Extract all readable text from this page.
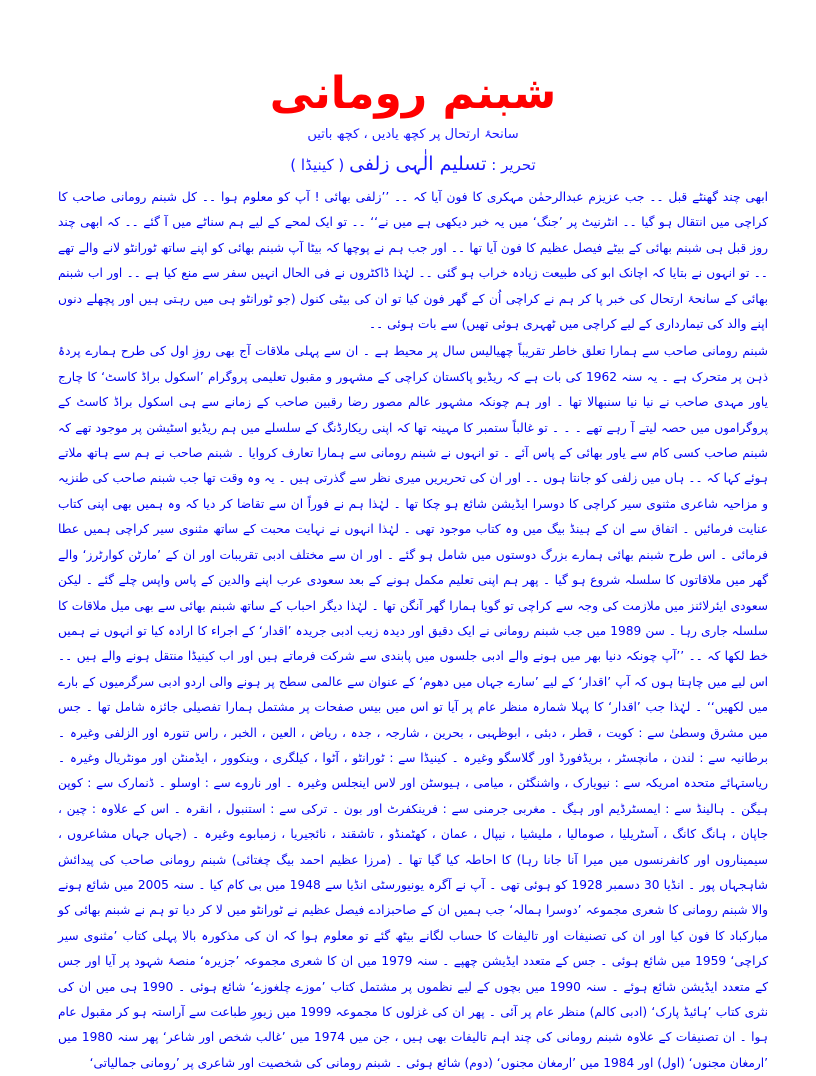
شبنم رومانی
سانحۂ ارتحال پر کچھ یادیں ، کچھ باتیں
تحریر : تسلیم الٰہی زلفی ( کینیڈا )

ابھی چند گھنٹے قبل ۔۔ جب عزیزم عبدالرحمٰن مہکری کا فون آیا کہ ۔۔ ’’زلفی بھائی ! آپ کو معلوم ہوا ۔۔ کل شبنم رومانی صاحب کا کراچی میں انتقال ہو گیا ۔۔ انٹرنیٹ پر ’جنگ‘ میں یہ خبر دیکھی ہے میں نے‘‘ ۔۔ تو ایک لمحے کے لیے ہم سناٹے میں آ گئے ۔۔ کہ ابھی چند روز قبل ہی شبنم بھائی کے بیٹے فیصل عظیم کا فون آیا تھا ۔۔ اور جب ہم نے پوچھا کہ بیٹا آپ شبنم بھائی کو اپنے ساتھ ٹورانٹو لانے والے تھے ۔۔ تو انہوں نے بتایا کہ اچانک ابو کی طبیعت زیادہ خراب ہو گئی ۔۔ لہٰذا ڈاکٹروں نے فی الحال انہیں سفر سے منع کیا ہے ۔۔ اور اب شبنم بھائی کے سانحۂ ارتحال کی خبر پا کر ہم نے کراچی اُن کے گھر فون کیا تو ان کی بیٹی کنول (جو ٹورانٹو ہی میں رہتی ہیں اور پچھلے دنوں اپنے والد کی تیمارداری کے لیے کراچی میں ٹھہری ہوئی تھیں) سے بات ہوئی ۔۔

شبنم رومانی صاحب سے ہمارا تعلق خاطر تقریباً چھیالیس سال پر محیط ہے ۔ ان سے پہلی ملاقات آج بھی روزِ اول کی طرح ہمارے پردۂ ذہن پر متحرک ہے ۔ یہ سنہ 1962 کی بات ہے کہ ریڈیو پاکستان کراچی کے مشہور و مقبول تعلیمی پروگرام ’اسکول براڈ کاسٹ‘ کا چارج یاور مہدی صاحب نے نیا نیا سنبھالا تھا ۔ اور ہم چونکہ مشہور عالم مصور رضا رقبین صاحب کے زمانے سے ہی اسکول براڈ کاسٹ کے پروگراموں میں حصہ لیتے آ رہے تھے ۔ ۔ ۔ تو غالباً ستمبر کا مہینہ تھا کہ اپنی ریکارڈنگ کے سلسلے میں ہم ریڈیو اسٹیشن پر موجود تھے کہ شبنم صاحب کسی کام سے یاور بھائی کے پاس آئے ۔ تو انہوں نے شبنم رومانی سے ہمارا تعارف کروایا ۔ شبنم صاحب نے ہم سے ہاتھ ملاتے ہوئے کہا کہ ۔۔ ہاں میں زلفی کو جانتا ہوں ۔۔ اور ان کی تحریریں میری نظر سے گذرتی ہیں ۔ یہ وہ وقت تھا جب شبنم صاحب کی طنزیہ و مزاحیہ شاعری مثنوی سیر کراچی کا دوسرا ایڈیشن شائع ہو چکا تھا ۔ لہٰذا ہم نے فوراً ان سے تقاضا کر دیا کہ وہ ہمیں بھی اپنی کتاب عنایت فرمائیں ۔ اتفاق سے ان کے ہینڈ بیگ میں وہ کتاب موجود تھی ۔ لہٰذا انہوں نے نہایت محبت کے ساتھ مثنوی سیر کراچی ہمیں عطا فرمائی ۔ اس طرح شبنم بھائی ہمارے بزرگ دوستوں میں شامل ہو گئے ۔ اور ان سے مختلف ادبی تقریبات اور ان کے ’مارٹن کوارٹرز‘ والے گھر میں ملاقاتوں کا سلسلہ شروع ہو گیا ۔ پھر ہم اپنی تعلیم مکمل ہونے کے بعد سعودی عرب اپنے والدین کے پاس واپس چلے گئے ۔ لیکن سعودی ایئرلائنز میں ملازمت کی وجہ سے کراچی تو گویا ہمارا گھر آنگن تھا ۔ لہٰذا دیگر احباب کے ساتھ شبنم بھائی سے بھی میل ملاقات کا سلسلہ جاری رہا ۔ سن 1989 میں جب شبنم رومانی نے ایک دقیق اور دیدہ زیب ادبی جریدہ ’اقدار‘ کے اجراء کا ارادہ کیا تو انہوں نے ہمیں خط لکھا کہ ۔۔ ’’آپ چونکہ دنیا بھر میں ہونے والے ادبی جلسوں میں پابندی سے شرکت فرماتے ہیں اور اب کینیڈا منتقل ہونے والے ہیں ۔۔ اس لیے میں چاہتا ہوں کہ آپ ’اقدار‘ کے لیے ’سارے جہاں میں دھوم‘ کے عنوان سے عالمی سطح پر ہونے والی اردو ادبی سرگرمیوں کے بارے میں لکھیں‘‘ ۔ لہٰذا جب ’اقدار‘ کا پہلا شمارہ منظر عام پر آیا تو اس میں بیس صفحات پر مشتمل ہمارا تفصیلی جائزہ شامل تھا ۔ جس میں مشرق وسطیٰ سے : کویت ، قطر ، دبئی ، ابوظہبی ، بحرین ، شارجہ ، جدہ ، ریاض ، العین ، الخبر ، راس تنورہ اور الزلفی وغیرہ ۔ برطانیہ سے : لندن ، مانچسٹر ، بریڈفورڈ اور گلاسگو وغیرہ ۔ کینیڈا سے : ٹورانٹو ، آٹوا ، کیلگری ، وینکوور ، ایڈمنٹن اور مونٹریال وغیرہ ۔ ریاستہائے متحدہ امریکہ سے : نیویارک ، واشنگٹن ، میامی ، ہیوسٹن اور لاس اینجلس وغیرہ ۔ اور ناروے سے : اوسلو ۔ ڈنمارک سے : کوپن ہیگن ۔ ہالینڈ سے : ایمسٹرڈیم اور ہیگ ۔ مغربی جرمنی سے : فرینکفرٹ اور بون ۔ ترکی سے : استنبول ، انقرہ ۔ اس کے علاوہ : چین ، جاپان ، ہانگ کانگ ، آسٹریلیا ، صومالیا ، ملیشیا ، نیپال ، عمان ، کھٹمنڈو ، تاشقند ، نائجیریا ، زمبابوے وغیرہ ۔ (جہاں جہاں مشاعروں ، سیمیناروں اور کانفرنسوں میں میرا آنا جانا رہا) کا احاطہ کیا گیا تھا ۔ (مرزا عظیم احمد بیگ چغتائی) شبنم رومانی صاحب کی پیدائش شاہجہاں پور ۔ انڈیا 30 دسمبر 1928 کو ہوئی تھی ۔ آپ نے آگرہ یونیورسٹی انڈیا سے 1948 میں بی کام کیا ۔ سنہ 2005 میں شائع ہونے والا شبنم رومانی کا شعری مجموعہ ’دوسرا ہمالہ‘ جب ہمیں ان کے صاحبزادے فیصل عظیم نے ٹورانٹو میں لا کر دیا تو ہم نے شبنم بھائی کو مبارکباد کا فون کیا اور ان کی تصنیفات اور تالیفات کا حساب لگانے بیٹھ گئے تو معلوم ہوا کہ ان کی مذکورہ بالا پہلی کتاب ’مثنوی سیر کراچی‘ 1959 میں شائع ہوئی ۔ جس کے متعدد ایڈیشن چھپے ۔ سنہ 1979 میں ان کا شعری مجموعہ ’جزیرہ‘ منصۂ شہود پر آیا اور جس کے متعدد ایڈیشن شائع ہوئے ۔ سنہ 1990 میں بچوں کے لیے نظموں پر مشتمل کتاب ’موزے چلغوزے‘ شائع ہوئی ۔ 1990 ہی میں ان کی نثری کتاب ’ہائیڈ پارک‘ (ادبی کالم) منظر عام پر آئی ۔ پھر ان کی غزلوں کا مجموعہ 1999 میں زیورِ طباعت سے آراستہ ہو کر مقبول عام ہوا ۔ ان تصنیفات کے علاوہ شبنم رومانی کی چند اہم تالیفات بھی ہیں ، جن میں 1974 میں ’غالب شخص اور شاعر‘ پھر سنہ 1980 میں ’ارمغان مجنوں‘ (اول) اور 1984 میں ’ارمغان مجنوں‘ (دوم) شائع ہوئی ۔ شبنم رومانی کی شخصیت اور شاعری پر ’رومانی جمالیاتی‘
